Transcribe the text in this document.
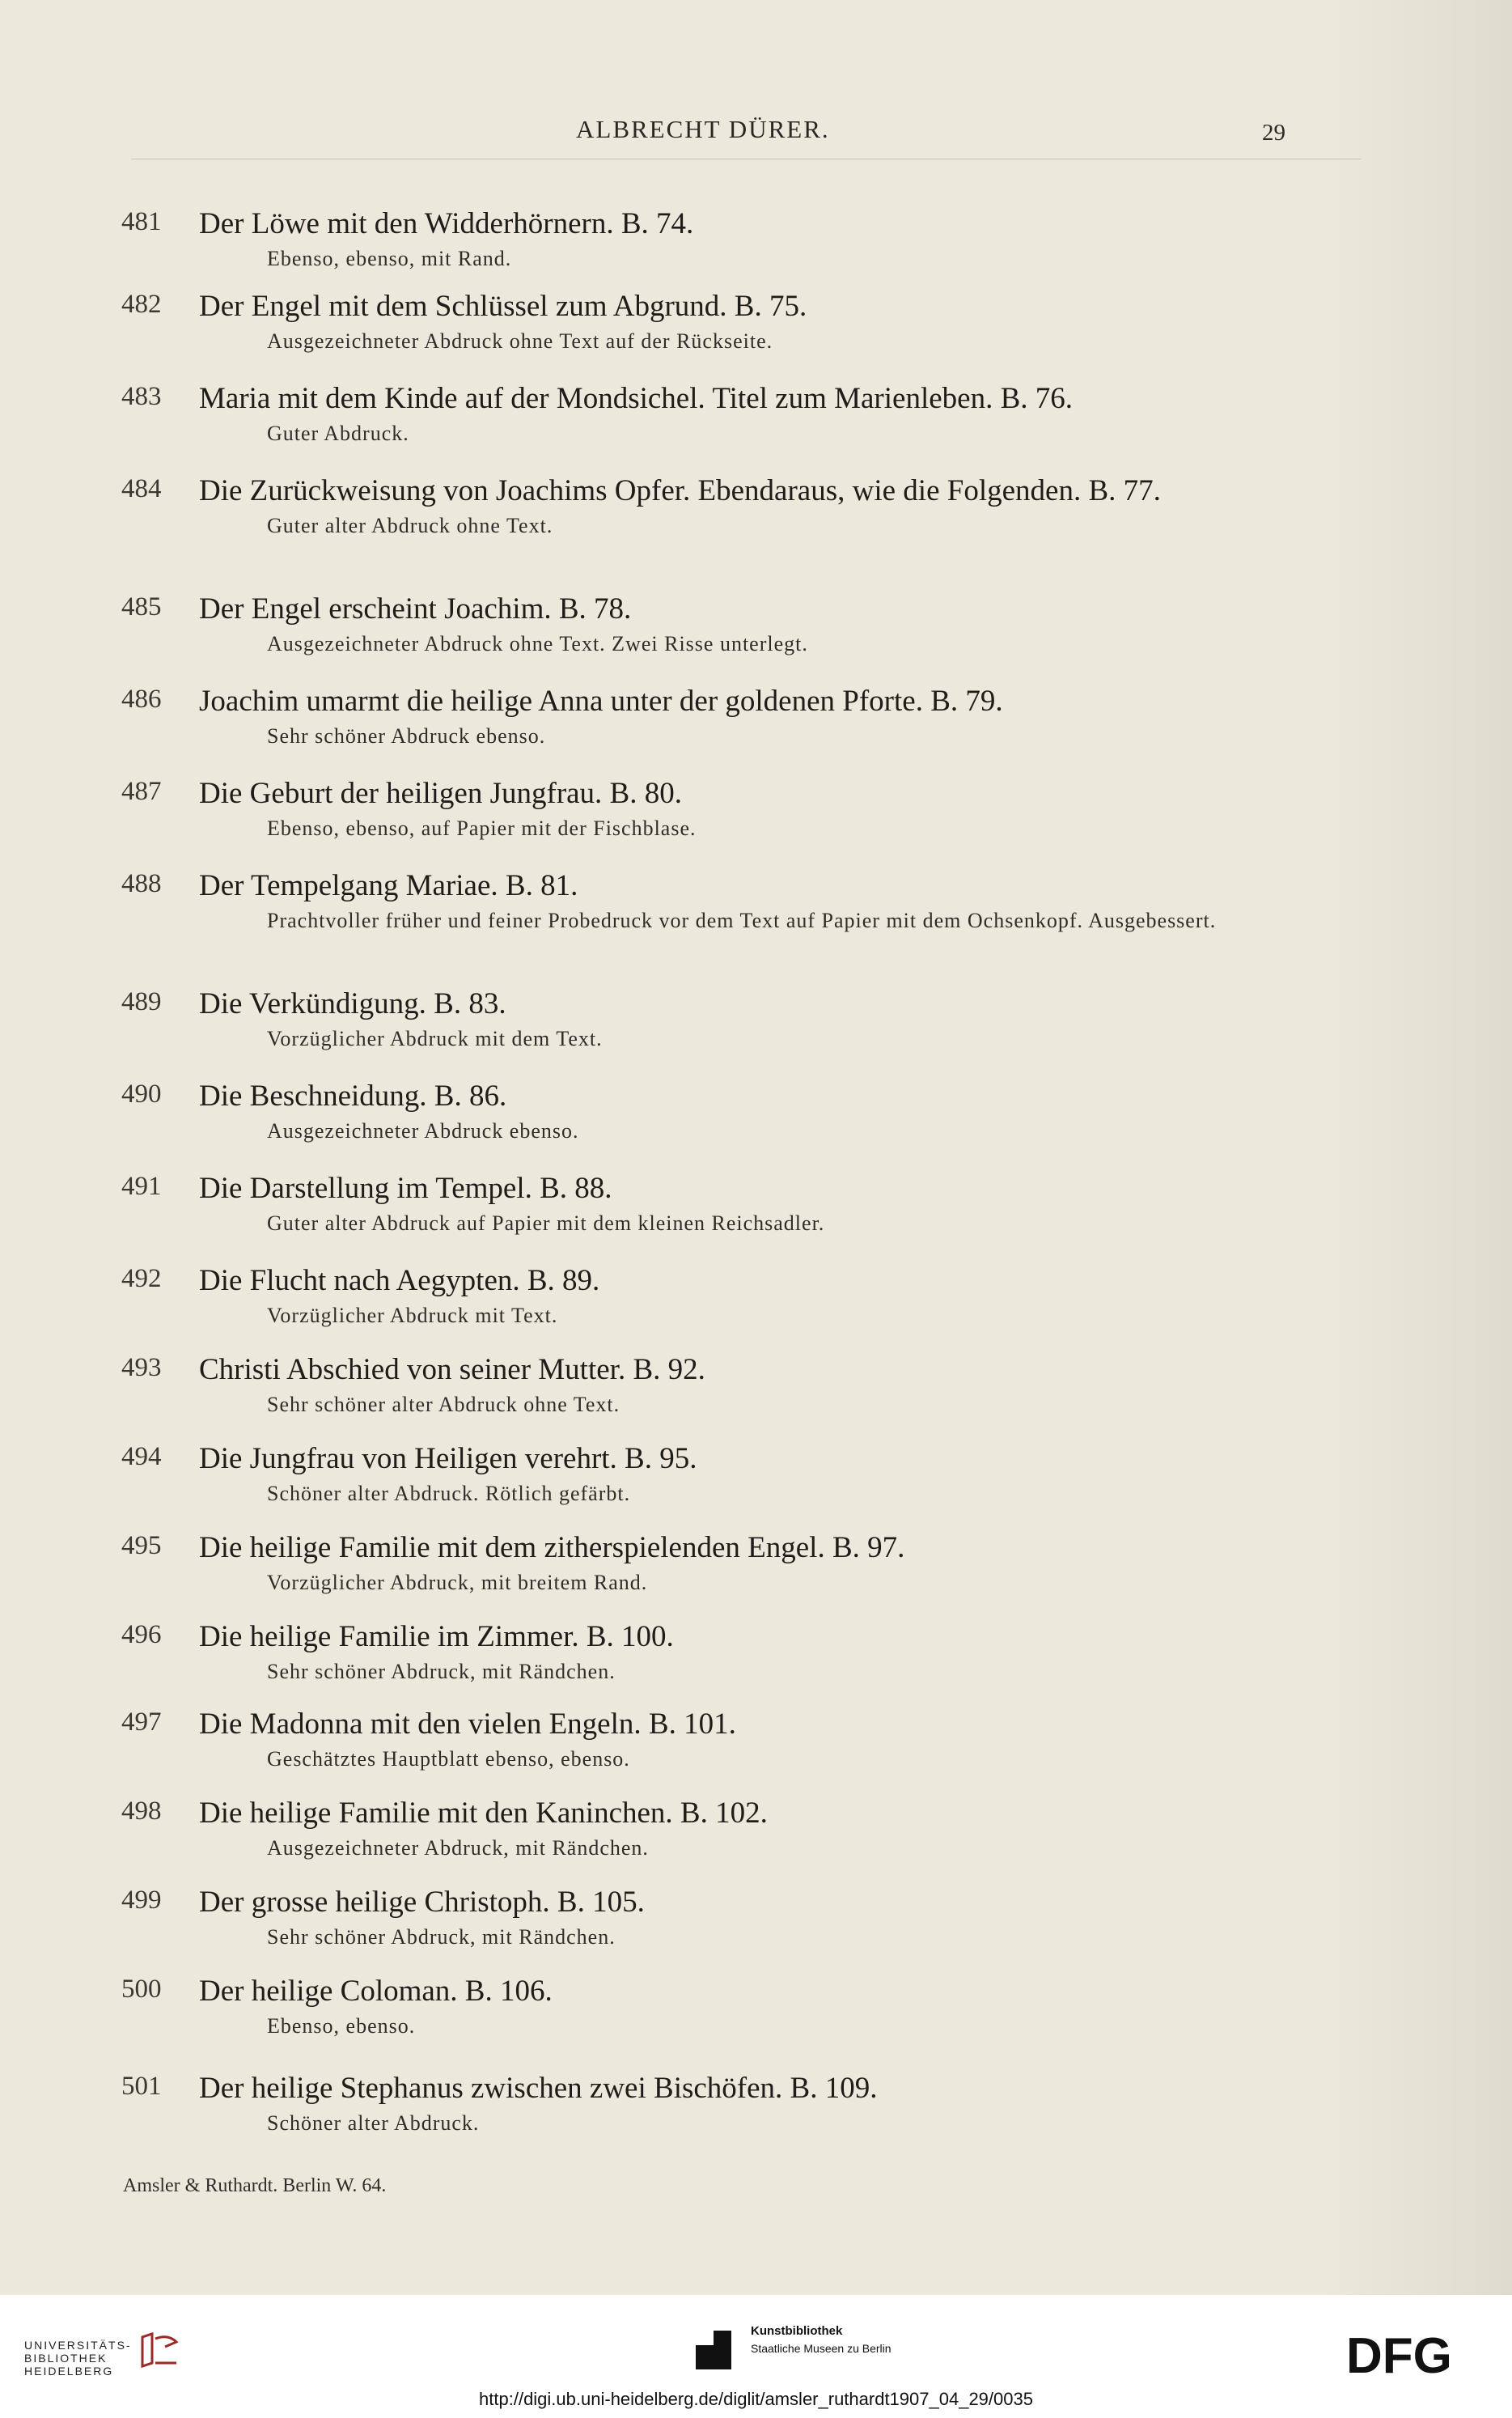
ALBRECHT DÜRER.	29
481 Der Löwe mit den Widderhörnern. B. 74.
Ebenso, ebenso, mit Rand.
482 Der Engel mit dem Schlüssel zum Abgrund. B. 75.
Ausgezeichneter Abdruck ohne Text auf der Rückseite.
483 Maria mit dem Kinde auf der Mondsichel. Titel zum Marienleben. B. 76.
Guter Abdruck.
484 Die Zurückweisung von Joachims Opfer. Ebendaraus, wie die Folgenden. B. 77.
Guter alter Abdruck ohne Text.
485 Der Engel erscheint Joachim. B. 78.
Ausgezeichneter Abdruck ohne Text. Zwei Risse unterlegt.
486 Joachim umarmt die heilige Anna unter der goldenen Pforte. B. 79.
Sehr schöner Abdruck ebenso.
487 Die Geburt der heiligen Jungfrau. B. 80.
Ebenso, ebenso, auf Papier mit der Fischblase.
488 Der Tempelgang Mariae. B. 81.
Prachtvoller früher und feiner Probedruck vor dem Text auf Papier mit dem Ochsenkopf. Ausgebessert.
489 Die Verkündigung. B. 83.
Vorzüglicher Abdruck mit dem Text.
490 Die Beschneidung. B. 86.
Ausgezeichneter Abdruck ebenso.
491 Die Darstellung im Tempel. B. 88.
Guter alter Abdruck auf Papier mit dem kleinen Reichsadler.
492 Die Flucht nach Aegypten. B. 89.
Vorzüglicher Abdruck mit Text.
493 Christi Abschied von seiner Mutter. B. 92.
Sehr schöner alter Abdruck ohne Text.
494 Die Jungfrau von Heiligen verehrt. B. 95.
Schöner alter Abdruck. Rötlich gefärbt.
495 Die heilige Familie mit dem zitherspielenden Engel. B. 97.
Vorzüglicher Abdruck, mit breitem Rand.
496 Die heilige Familie im Zimmer. B. 100.
Sehr schöner Abdruck, mit Rändchen.
497 Die Madonna mit den vielen Engeln. B. 101.
Geschätztes Hauptblatt ebenso, ebenso.
498 Die heilige Familie mit den Kaninchen. B. 102.
Ausgezeichneter Abdruck, mit Rändchen.
499 Der grosse heilige Christoph. B. 105.
Sehr schöner Abdruck, mit Rändchen.
500 Der heilige Coloman. B. 106.
Ebenso, ebenso.
501 Der heilige Stephanus zwischen zwei Bischöfen. B. 109.
Schöner alter Abdruck.
Amsler & Ruthardt. Berlin W. 64.
UNIVERSITÄTS-
BIBLIOTHEK
HEIDELBERG
Kunstbibliothek
Staatliche Museen zu Berlin	DFG
http://digi.ub.uni-heidelberg.de/diglit/amsler_ruthardt1907_04_29/0035
